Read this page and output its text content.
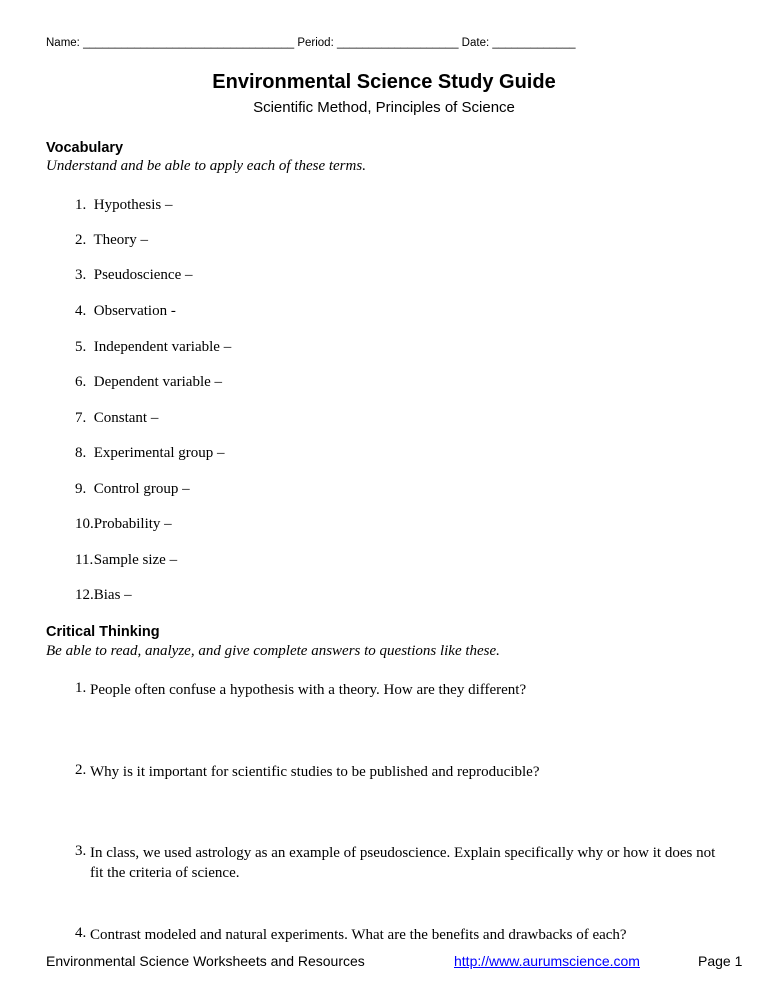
Name: _________________________________ Period: ___________________ Date: _____________
Environmental Science Study Guide
Scientific Method, Principles of Science
Vocabulary
Understand and be able to apply each of these terms.
1. Hypothesis –
2. Theory –
3. Pseudoscience –
4. Observation -
5. Independent variable –
6. Dependent variable –
7. Constant –
8. Experimental group –
9. Control group –
10. Probability –
11. Sample size –
12. Bias –
Critical Thinking
Be able to read, analyze, and give complete answers to questions like these.
1. People often confuse a hypothesis with a theory. How are they different?
2. Why is it important for scientific studies to be published and reproducible?
3. In class, we used astrology as an example of pseudoscience. Explain specifically why or how it does not fit the criteria of science.
4. Contrast modeled and natural experiments. What are the benefits and drawbacks of each?
Environmental Science Worksheets and Resources	http://www.aurumscience.com	Page 1
